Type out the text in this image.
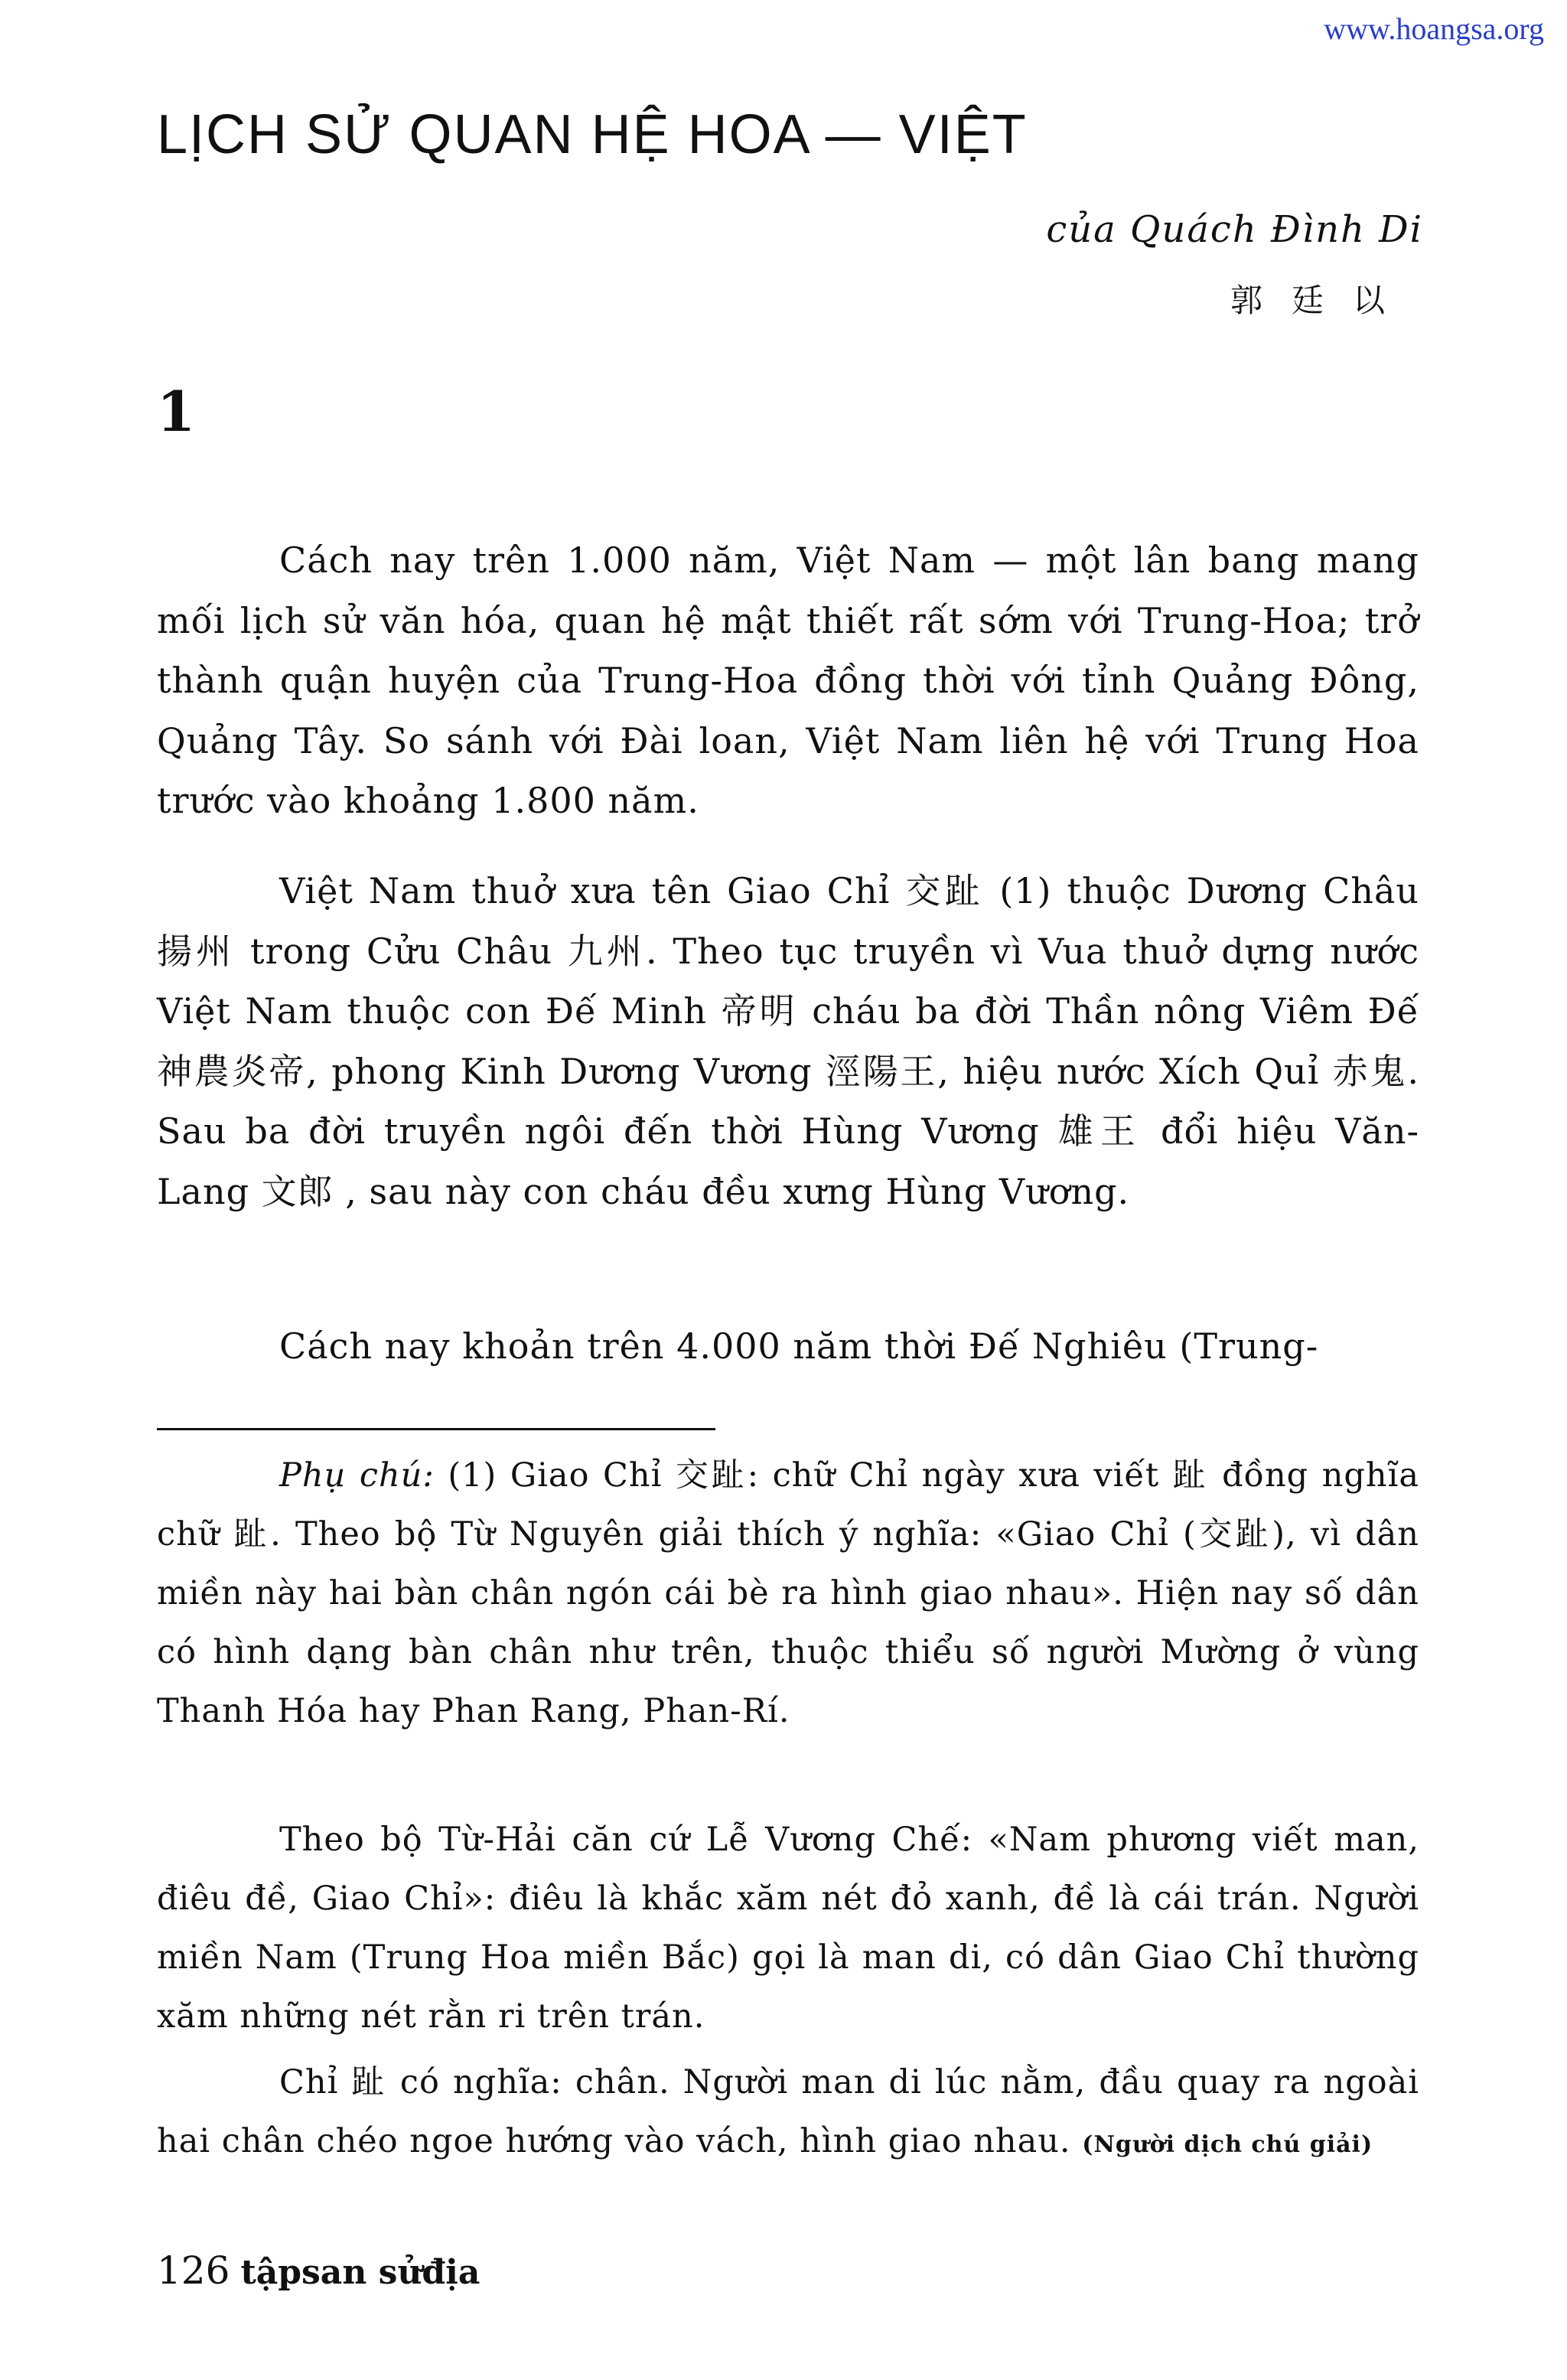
www.hoangsa.org
LỊCH SỬ QUAN HỆ HOA — VIỆT
của Quách Đình Di
郭廷以
1

Cách nay trên 1.000 năm, Việt Nam — một lân bang mang mối lịch sử văn hóa, quan hệ mật thiết rất sớm với Trung-Hoa; trở thành quận huyện của Trung-Hoa đồng thời với tỉnh Quảng Đông, Quảng Tây. So sánh với Đài loan, Việt Nam liên hệ với Trung Hoa trước vào khoảng 1.800 năm.

Việt Nam thuở xưa tên Giao Chỉ 交趾 (1) thuộc Dương Châu 揚州 trong Cửu Châu 九州. Theo tục truyền vì Vua thuở dựng nước Việt Nam thuộc con Đế Minh 帝明 cháu ba đời Thần nông Viêm Đế 神農炎帝, phong Kinh Dương Vương 涇陽王, hiệu nước Xích Quỉ 赤鬼. Sau ba đời truyền ngôi đến thời Hùng Vương 雄王 đổi hiệu Văn-Lang 文郎 , sau này con cháu đều xưng Hùng Vương.

Cách nay khoản trên 4.000 năm thời Đế Nghiêu (Trung-

Phụ chú: (1) Giao Chỉ 交趾: chữ Chỉ ngày xưa viết 趾 đồng nghĩa chữ 趾. Theo bộ Từ Nguyên giải thích ý nghĩa: «Giao Chỉ (交趾), vì dân miền này hai bàn chân ngón cái bè ra hình giao nhau». Hiện nay số dân có hình dạng bàn chân như trên, thuộc thiểu số người Mường ở vùng Thanh Hóa hay Phan Rang, Phan-Rí.

Theo bộ Từ-Hải căn cứ Lễ Vương Chế: «Nam phương viết man, điêu đề, Giao Chỉ»: điêu là khắc xăm nét đỏ xanh, đề là cái trán. Người miền Nam (Trung Hoa miền Bắc) gọi là man di, có dân Giao Chỉ thường xăm những nét rằn ri trên trán.

Chỉ 趾 có nghĩa: chân. Người man di lúc nằm, đầu quay ra ngoài hai chân chéo ngoe hướng vào vách, hình giao nhau. (Người dịch chú giải)

126 tậpsan sửđịa
